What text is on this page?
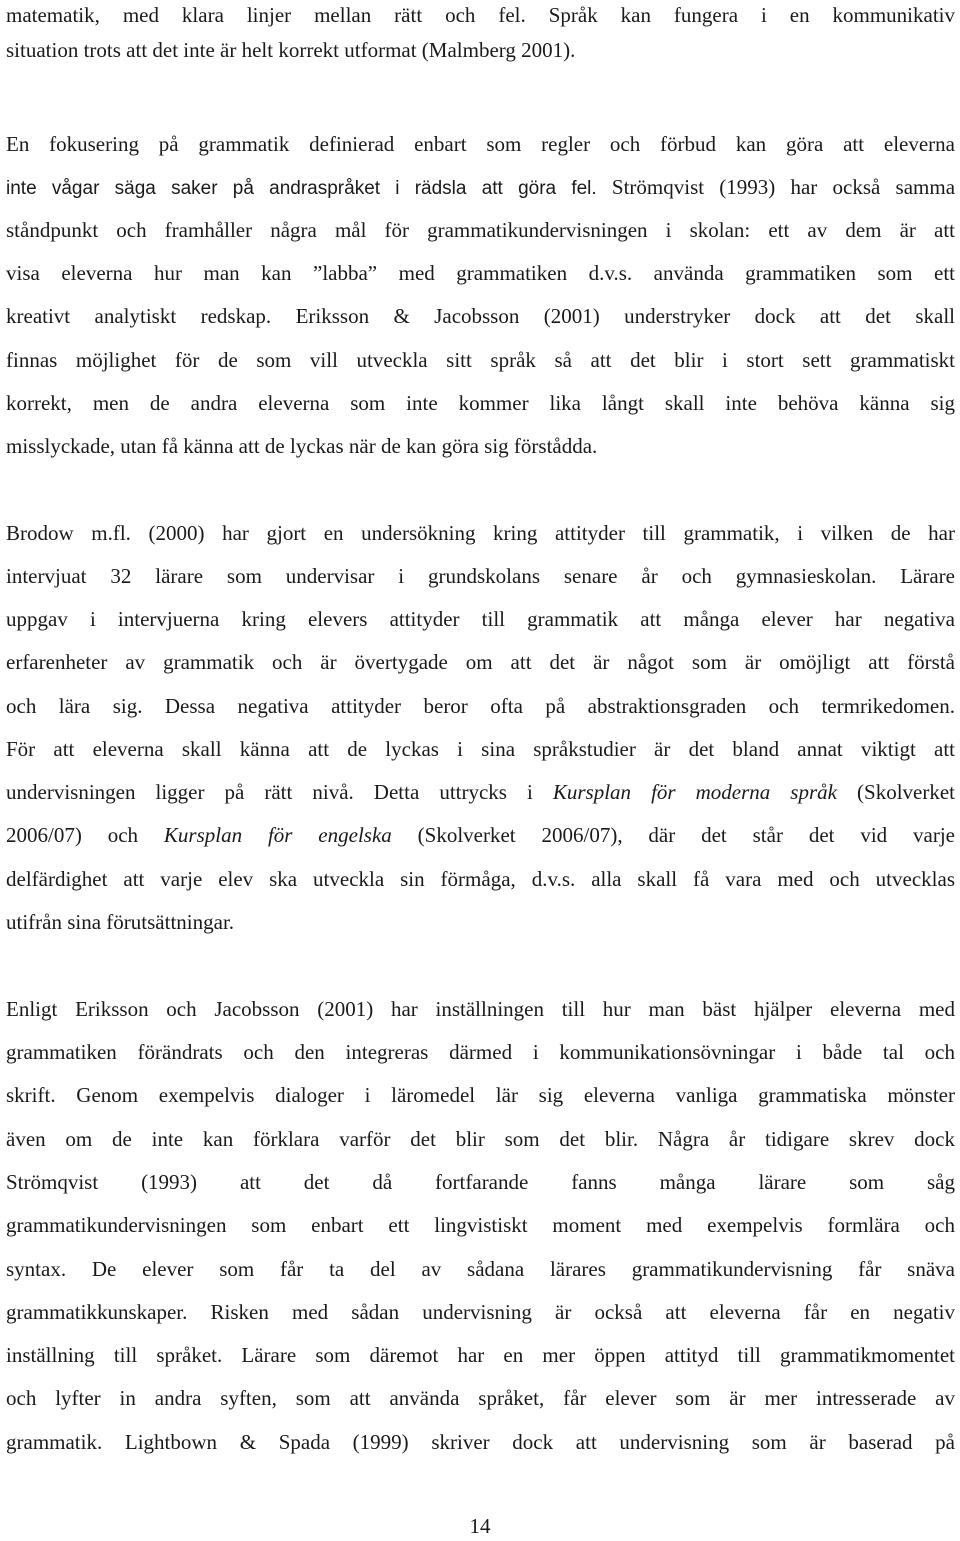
matematik, med klara linjer mellan rätt och fel. Språk kan fungera i en kommunikativ
situation trots att det inte är helt korrekt utformat (Malmberg 2001).
En fokusering på grammatik definierad enbart som regler och förbud kan göra att eleverna
inte vågar säga saker på andraspråket i rädsla att göra fel. Strömqvist (1993) har också samma
ståndpunkt och framhåller några mål för grammatikundervisningen i skolan: ett av dem är att
visa eleverna hur man kan ”labba” med grammatiken d.v.s. använda grammatiken som ett
kreativt analytiskt redskap. Eriksson & Jacobsson (2001) understryker dock att det skall
finnas möjlighet för de som vill utveckla sitt språk så att det blir i stort sett grammatiskt
korrekt, men de andra eleverna som inte kommer lika långt skall inte behöva känna sig
misslyckade, utan få känna att de lyckas när de kan göra sig förstådda.
Brodow m.fl. (2000) har gjort en undersökning kring attityder till grammatik, i vilken de har
intervjuat 32 lärare som undervisar i grundskolans senare år och gymnasieskolan. Lärare
uppgav i intervjuerna kring elevers attityder till grammatik att många elever har negativa
erfarenheter av grammatik och är övertygade om att det är något som är omöjligt att förstå
och lära sig. Dessa negativa attityder beror ofta på abstraktionsgraden och termrikedomen.
För att eleverna skall känna att de lyckas i sina språkstudier är det bland annat viktigt att
undervisningen ligger på rätt nivå. Detta uttrycks i Kursplan för moderna språk (Skolverket
2006/07) och Kursplan för engelska (Skolverket 2006/07), där det står det vid varje
delfärdighet att varje elev ska utveckla sin förmåga, d.v.s. alla skall få vara med och utvecklas
utifrån sina förutsättningar.
Enligt Eriksson och Jacobsson (2001) har inställningen till hur man bäst hjälper eleverna med
grammatiken förändrats och den integreras därmed i kommunikationsövningar i både tal och
skrift. Genom exempelvis dialoger i läromedel lär sig eleverna vanliga grammatiska mönster
även om de inte kan förklara varför det blir som det blir. Några år tidigare skrev dock
Strömqvist (1993) att det då fortfarande fanns många lärare som såg
grammatikundervisningen som enbart ett lingvistiskt moment med exempelvis formlära och
syntax. De elever som får ta del av sådana lärares grammatikundervisning får snäva
grammatikkunskaper. Risken med sådan undervisning är också att eleverna får en negativ
inställning till språket. Lärare som däremot har en mer öppen attityd till grammatikmomentet
och lyfter in andra syften, som att använda språket, får elever som är mer intresserade av
grammatik. Lightbown & Spada (1999) skriver dock att undervisning som är baserad på
14
